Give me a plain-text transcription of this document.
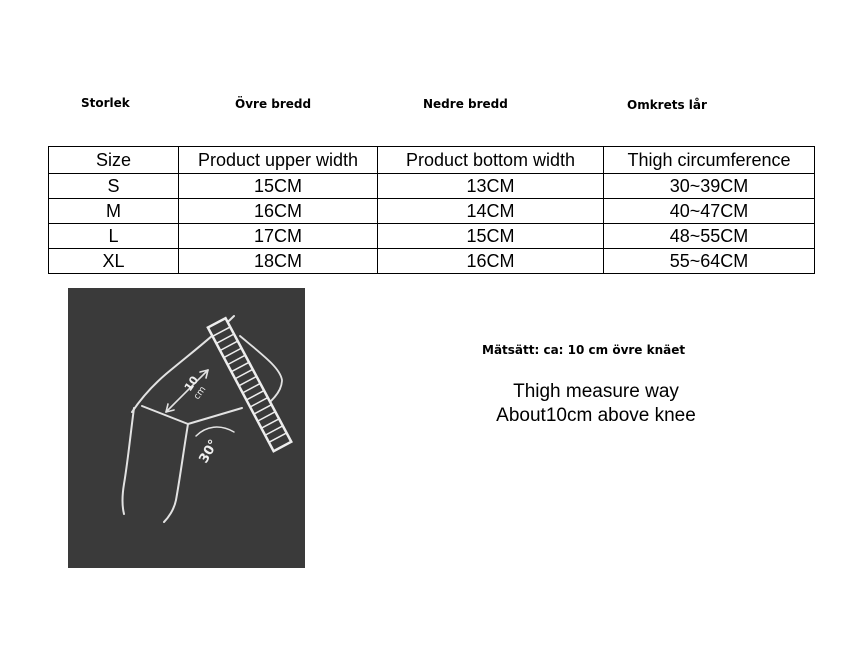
Storlek	Övre bredd	Nedre bredd	Omkrets lår
Size	Product upper width	Product bottom width	Thigh circumference
S	15CM	13CM	30~39CM
M	16CM	14CM	40~47CM
L	17CM	15CM	48~55CM
XL	18CM	16CM	55~64CM
10
cm
30°
Mätsätt: ca: 10 cm övre knäet
Thigh measure way
About10cm above knee
